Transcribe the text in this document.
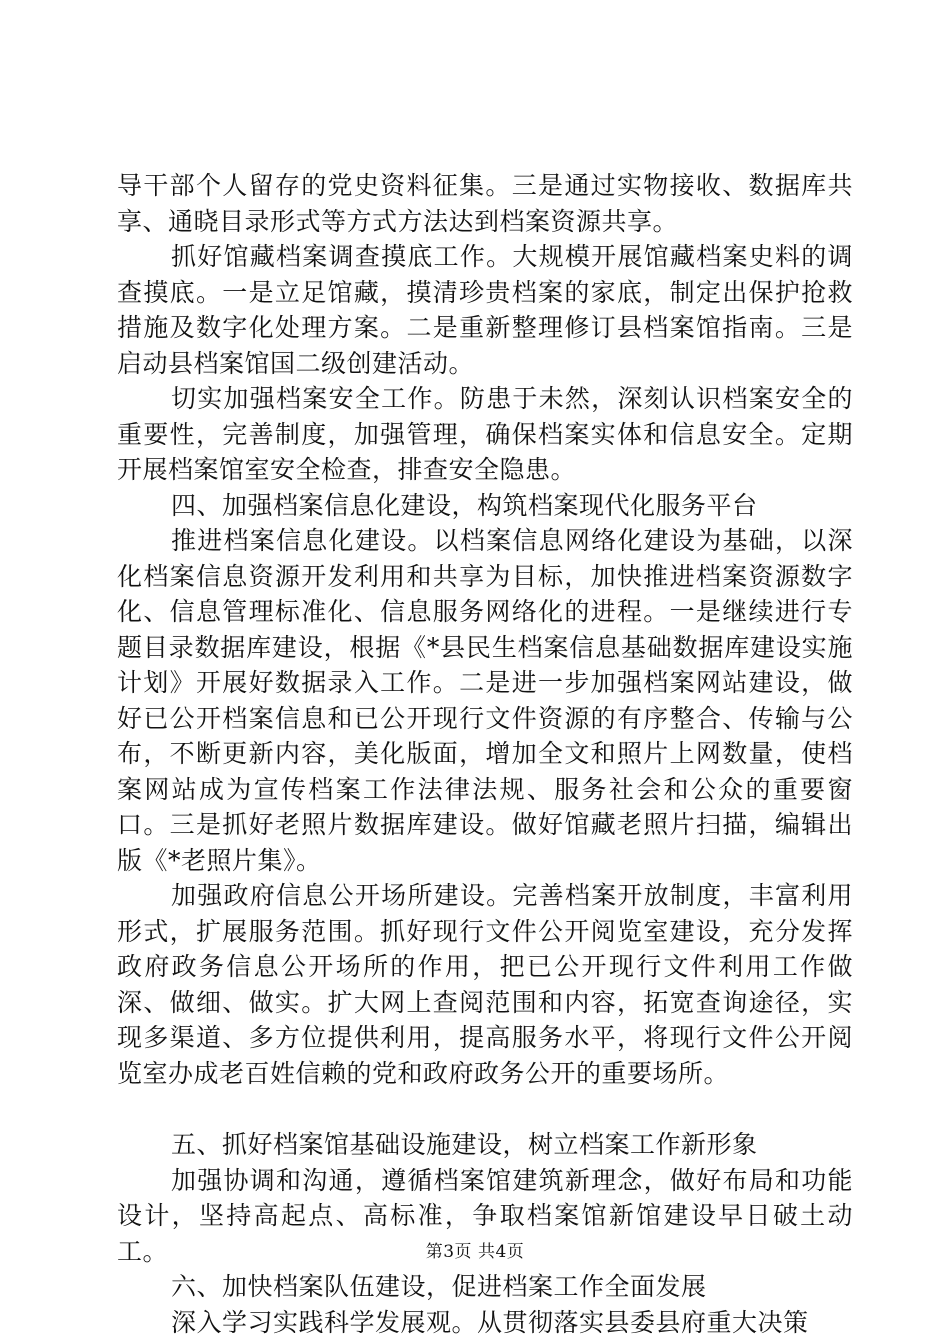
导干部个人留存的党史资料征集。三是通过实物接收、数据库共享、通晓目录形式等方式方法达到档案资源共享。

抓好馆藏档案调查摸底工作。大规模开展馆藏档案史料的调查摸底。一是立足馆藏，摸清珍贵档案的家底，制定出保护抢救措施及数字化处理方案。二是重新整理修订县档案馆指南。三是启动县档案馆国二级创建活动。

切实加强档案安全工作。防患于未然，深刻认识档案安全的重要性，完善制度，加强管理，确保档案实体和信息安全。定期开展档案馆室安全检查，排查安全隐患。

四、加强档案信息化建设，构筑档案现代化服务平台

推进档案信息化建设。以档案信息网络化建设为基础，以深化档案信息资源开发利用和共享为目标，加快推进档案资源数字化、信息管理标准化、信息服务网络化的进程。一是继续进行专题目录数据库建设，根据《*县民生档案信息基础数据库建设实施计划》开展好数据录入工作。二是进一步加强档案网站建设，做好已公开档案信息和已公开现行文件资源的有序整合、传输与公布，不断更新内容，美化版面，增加全文和照片上网数量，使档案网站成为宣传档案工作法律法规、服务社会和公众的重要窗口。三是抓好老照片数据库建设。做好馆藏老照片扫描，编辑出版《*老照片集》。

加强政府信息公开场所建设。完善档案开放制度，丰富利用形式，扩展服务范围。抓好现行文件公开阅览室建设，充分发挥政府政务信息公开场所的作用，把已公开现行文件利用工作做深、做细、做实。扩大网上查阅范围和内容，拓宽查询途径，实现多渠道、多方位提供利用，提高服务水平，将现行文件公开阅览室办成老百姓信赖的党和政府政务公开的重要场所。

五、抓好档案馆基础设施建设，树立档案工作新形象

加强协调和沟通，遵循档案馆建筑新理念，做好布局和功能设计，坚持高起点、高标准，争取档案馆新馆建设早日破土动工。

六、加快档案队伍建设，促进档案工作全面发展

深入学习实践科学发展观。从贯彻落实县委县府重大决策

第3页 共4页
